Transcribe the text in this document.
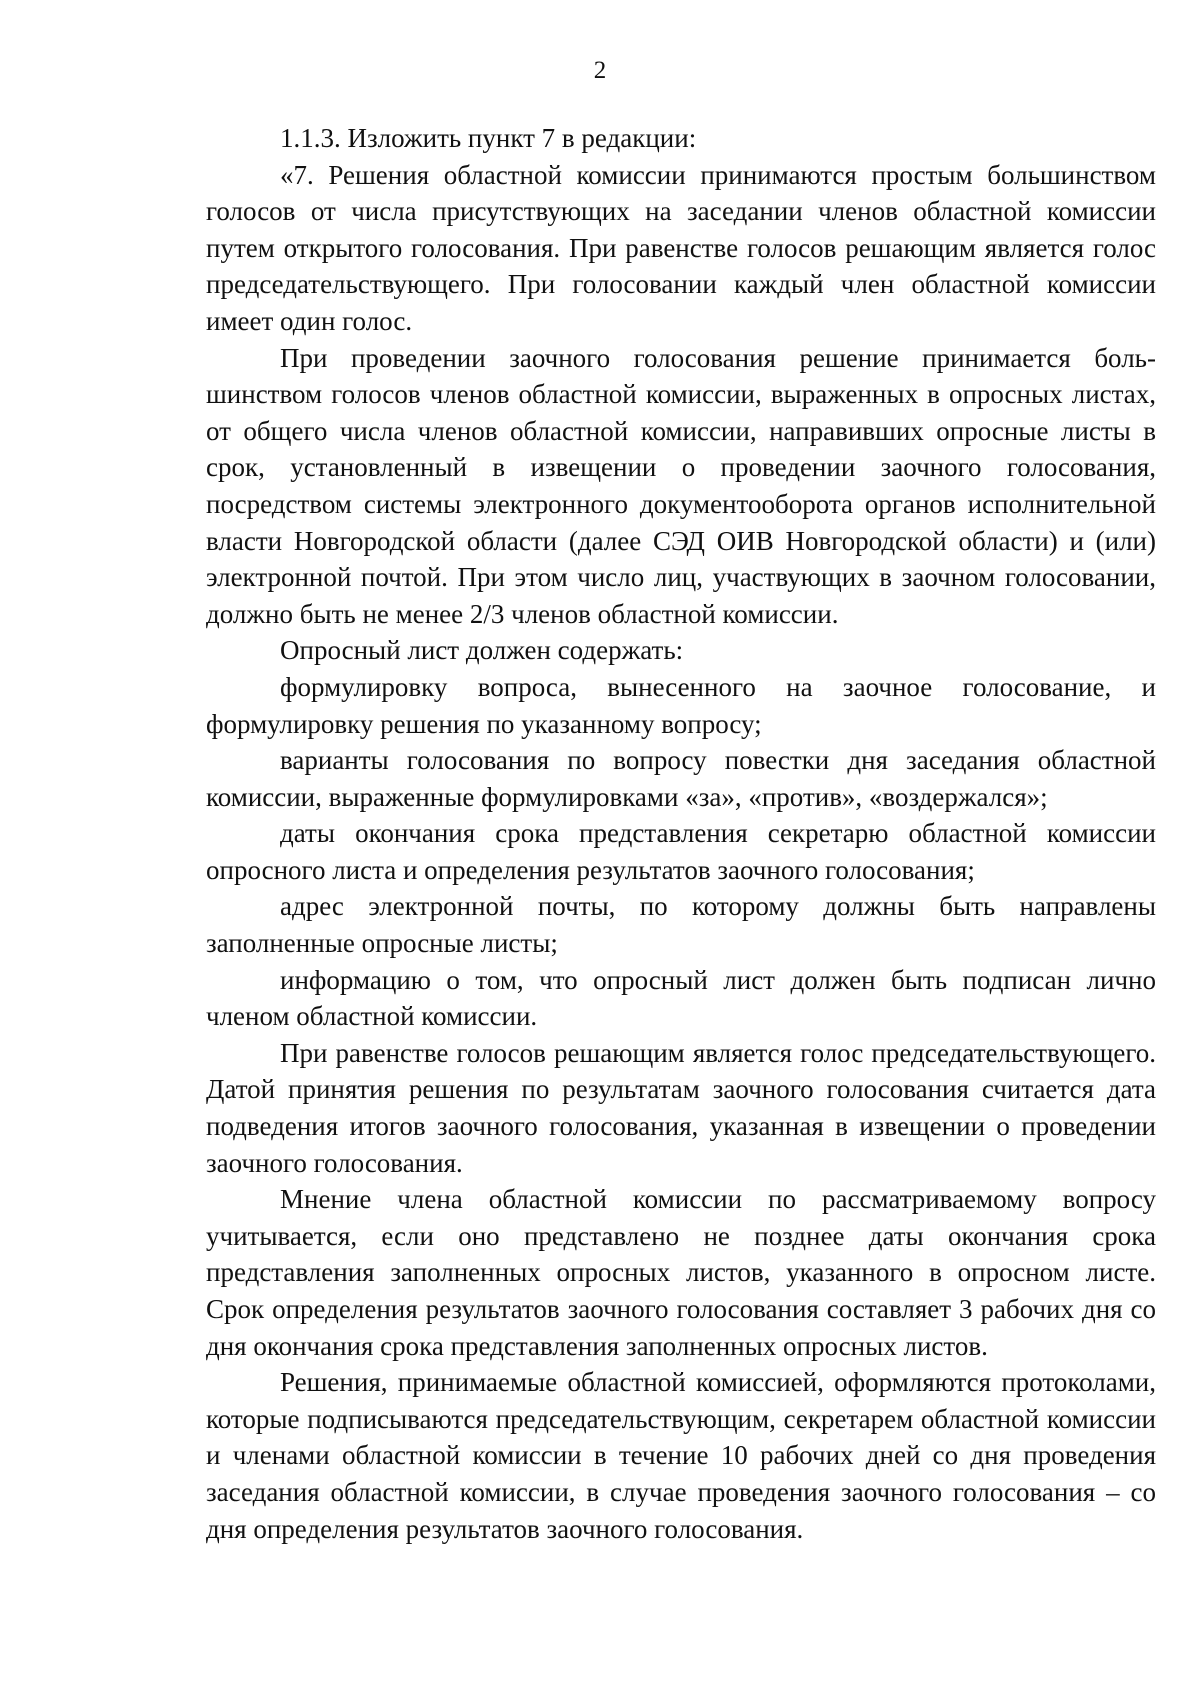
2

1.1.3. Изложить пункт 7 в редакции:

«7. Решения областной комиссии принимаются простым большинством голосов от числа присутствующих на заседании членов областной комиссии путем открытого голосования. При равенстве голосов решающим является голос председательствующего. При голосовании каждый член областной комиссии имеет один голос.

При проведении заочного голосования решение принимается большинством голосов членов областной комиссии, выраженных в опросных листах, от общего числа членов областной комиссии, направивших опросные листы в срок, установленный в извещении о проведении заочного голосования, посредством системы электронного документооборота органов исполнительной власти Новгородской области (далее СЭД ОИВ Новгородской области) и (или) электронной почтой. При этом число лиц, участвующих в заочном голосовании, должно быть не менее 2/3 членов областной комиссии.

Опросный лист должен содержать:

формулировку вопроса, вынесенного на заочное голосование, и формулировку решения по указанному вопросу;

варианты голосования по вопросу повестки дня заседания областной комиссии, выраженные формулировками «за», «против», «воздержался»;

даты окончания срока представления секретарю областной комиссии опросного листа и определения результатов заочного голосования;

адрес электронной почты, по которому должны быть направлены заполненные опросные листы;

информацию о том, что опросный лист должен быть подписан лично членом областной комиссии.

При равенстве голосов решающим является голос председательствующего. Датой принятия решения по результатам заочного голосования считается дата подведения итогов заочного голосования, указанная в извещении о проведении заочного голосования.

Мнение члена областной комиссии по рассматриваемому вопросу учитывается, если оно представлено не позднее даты окончания срока представления заполненных опросных листов, указанного в опросном листе. Срок определения результатов заочного голосования составляет 3 рабочих дня со дня окончания срока представления заполненных опросных листов.

Решения, принимаемые областной комиссией, оформляются протоколами, которые подписываются председательствующим, секретарем областной комиссии и членами областной комиссии в течение 10 рабочих дней со дня проведения заседания областной комиссии, в случае проведения заочного голосования – со дня определения результатов заочного голосования.
